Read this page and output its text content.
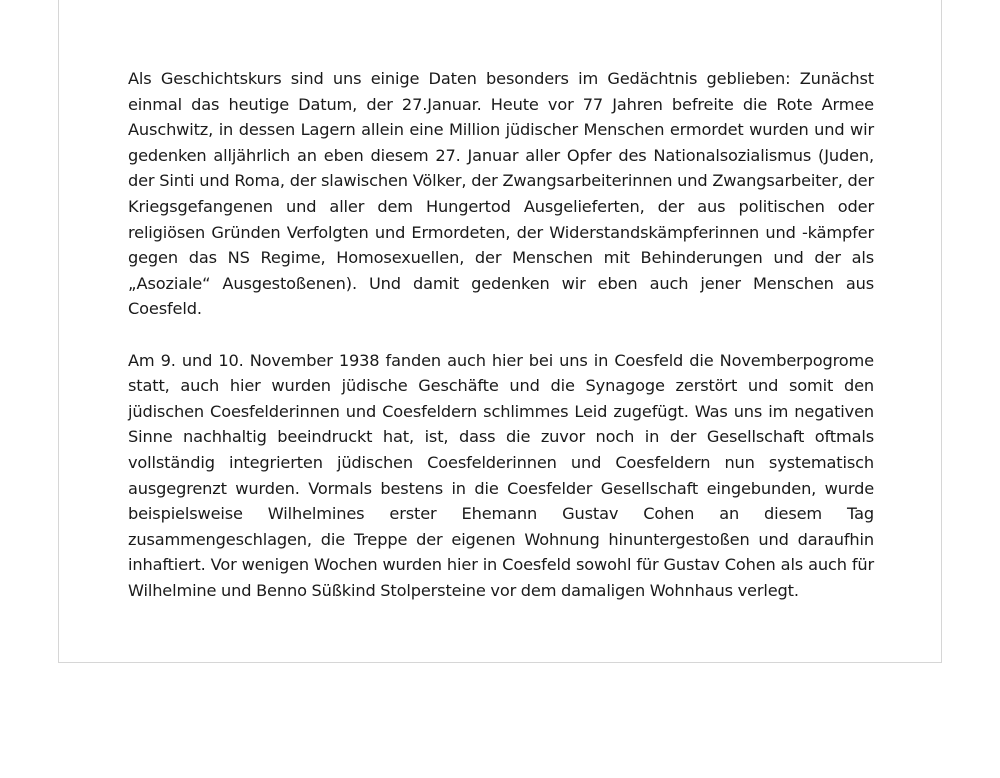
Als Geschichtskurs sind uns einige Daten besonders im Gedächtnis geblieben: Zunächst einmal das heutige Datum, der 27.Januar. Heute vor 77 Jahren befreite die Rote Armee Auschwitz, in dessen Lagern allein eine Million jüdischer Menschen ermordet wurden und wir gedenken alljährlich an eben diesem 27. Januar aller Opfer des Nationalsozialismus (Juden, der Sinti und Roma, der slawischen Völker, der Zwangsarbeiterinnen und Zwangsarbeiter, der Kriegsgefangenen und aller dem Hungertod Ausgelieferten, der aus politischen oder religiösen Gründen Verfolgten und Ermordeten, der Widerstandskämpferinnen und -kämpfer gegen das NS Regime, Homosexuellen, der Menschen mit Behinderungen und der als „Asoziale“ Ausgestoßenen). Und damit gedenken wir eben auch jener Menschen aus Coesfeld.

Am 9. und 10. November 1938 fanden auch hier bei uns in Coesfeld die Novemberpogrome statt, auch hier wurden jüdische Geschäfte und die Synagoge zerstört und somit den jüdischen Coesfelderinnen und Coesfeldern schlimmes Leid zugefügt. Was uns im negativen Sinne nachhaltig beeindruckt hat, ist, dass die zuvor noch in der Gesellschaft oftmals vollständig integrierten jüdischen Coesfelderinnen und Coesfeldern nun systematisch ausgegrenzt wurden. Vormals bestens in die Coesfelder Gesellschaft eingebunden, wurde beispielsweise Wilhelmines erster Ehemann Gustav Cohen an diesem Tag zusammengeschlagen, die Treppe der eigenen Wohnung hinuntergestoßen und daraufhin inhaftiert. Vor wenigen Wochen wurden hier in Coesfeld sowohl für Gustav Cohen als auch für Wilhelmine und Benno Süßkind Stolpersteine vor dem damaligen Wohnhaus verlegt.
